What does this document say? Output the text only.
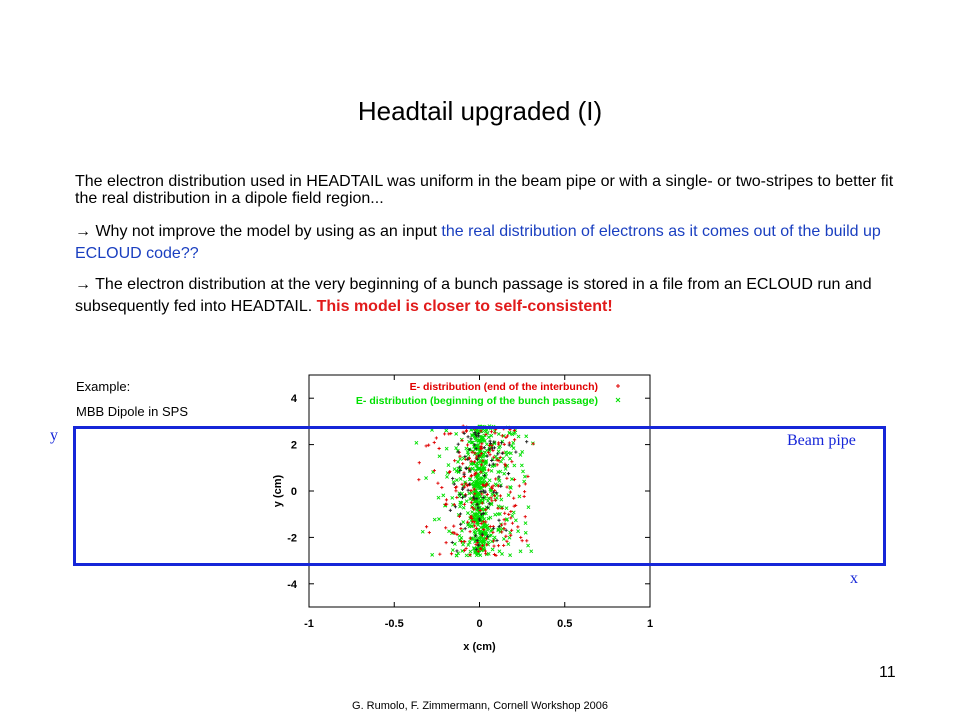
Headtail upgraded (I)
The electron distribution used in HEADTAIL was uniform in the beam pipe or with a single- or two-stripes to better fit the real distribution in a dipole field region...
→ Why not improve the model by using as an input the real distribution of electrons as it comes out of the build up ECLOUD code??
→ The electron distribution at the very beginning of a bunch passage is stored in a file from an ECLOUD run and subsequently fed into HEADTAIL. This model is closer to self-consistent!
Example:
MBB Dipole in SPS
-1	-0.5	0	0.5	1
4
2
0
-2
-4
x (cm)
y (cm)
E- distribution (end of the interbunch)
E- distribution (beginning of the bunch passage)
y
x
Beam pipe
11
G. Rumolo, F. Zimmermann, Cornell Workshop 2006
